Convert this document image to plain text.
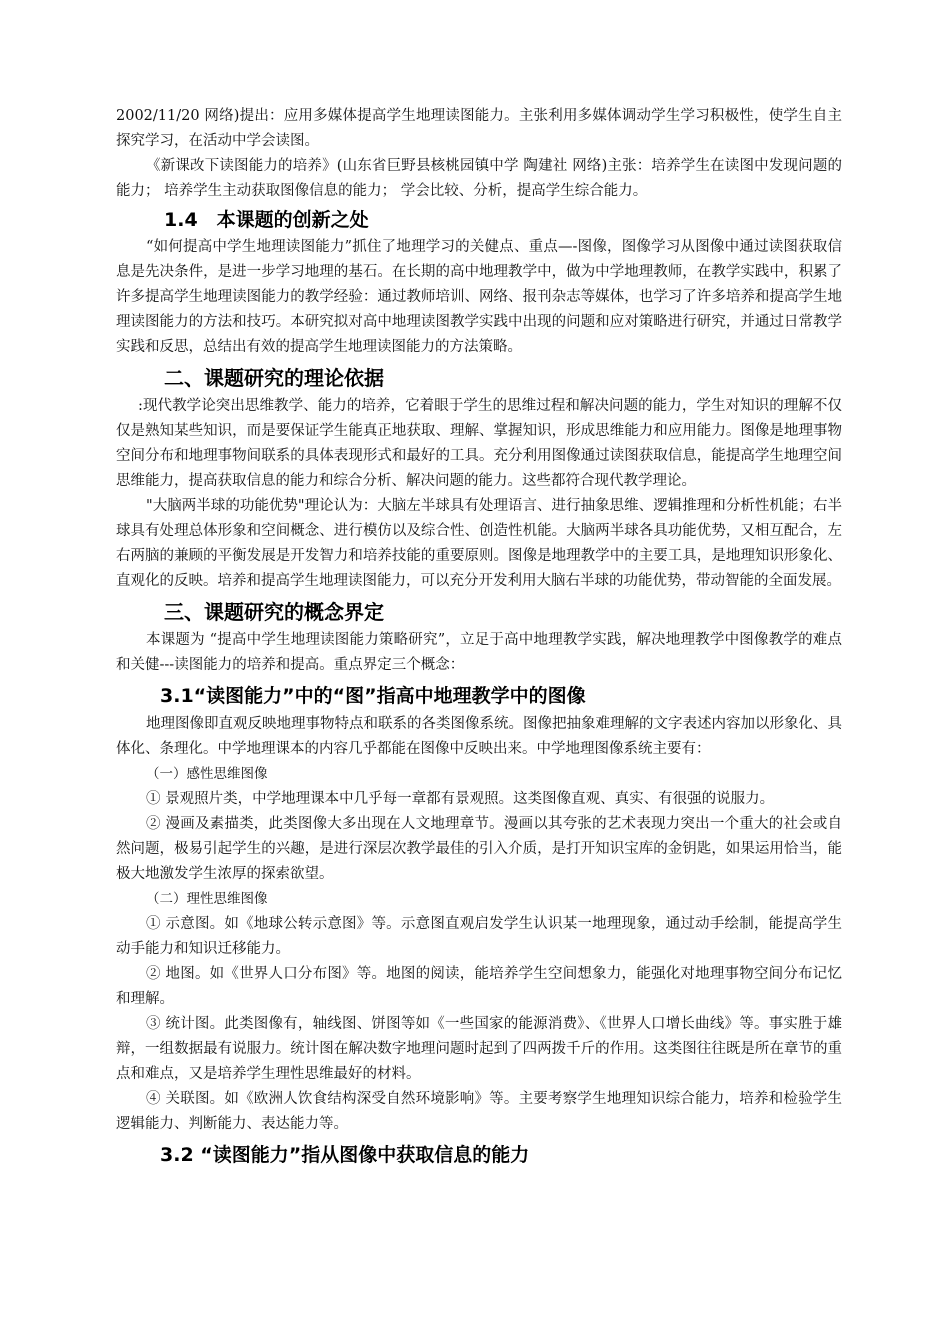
2002/11/20 网络)提出：应用多媒体提高学生地理读图能力。主张利用多媒体调动学生学习积极性，使学生自主探究学习，在活动中学会读图。

《新课改下读图能力的培养》(山东省巨野县核桃园镇中学 陶建社 网络)主张：培养学生在读图中发现问题的能力； 培养学生主动获取图像信息的能力； 学会比较、分析，提高学生综合能力。

1.4　本课题的创新之处

“如何提高中学生地理读图能力”抓住了地理学习的关健点、重点—-图像，图像学习从图像中通过读图获取信息是先决条件，是进一步学习地理的基石。在长期的高中地理教学中，做为中学地理教师，在教学实践中，积累了许多提高学生地理读图能力的教学经验：通过教师培训、网络、报刊杂志等媒体，也学习了许多培养和提高学生地理读图能力的方法和技巧。本研究拟对高中地理读图教学实践中出现的问题和应对策略进行研究，并通过日常教学实践和反思，总结出有效的提高学生地理读图能力的方法策略。

二、课题研究的理论依据

:现代教学论突出思维教学、能力的培养，它着眼于学生的思维过程和解决问题的能力，学生对知识的理解不仅仅是熟知某些知识，而是要保证学生能真正地获取、理解、掌握知识，形成思维能力和应用能力。图像是地理事物空间分布和地理事物间联系的具体表现形式和最好的工具。充分利用图像通过读图获取信息，能提高学生地理空间思维能力，提高获取信息的能力和综合分析、解决问题的能力。这些都符合现代教学理论。

"大脑两半球的功能优势"理论认为：大脑左半球具有处理语言、进行抽象思维、逻辑推理和分析性机能；右半球具有处理总体形象和空间概念、进行模仿以及综合性、创造性机能。大脑两半球各具功能优势，又相互配合，左右两脑的兼顾的平衡发展是开发智力和培养技能的重要原则。图像是地理教学中的主要工具，是地理知识形象化、直观化的反映。培养和提高学生地理读图能力，可以充分开发利用大脑右半球的功能优势，带动智能的全面发展。

三、课题研究的概念界定

本课题为 “提高中学生地理读图能力策略研究”，立足于高中地理教学实践，解决地理教学中图像教学的难点和关健---读图能力的培养和提高。重点界定三个概念：

3.1“读图能力”中的“图”指高中地理教学中的图像

地理图像即直观反映地理事物特点和联系的各类图像系统。图像把抽象难理解的文字表述内容加以形象化、具体化、条理化。中学地理课本的内容几乎都能在图像中反映出来。中学地理图像系统主要有：

（一）感性思维图像

① 景观照片类，中学地理课本中几乎每一章都有景观照。这类图像直观、真实、有很强的说服力。

② 漫画及素描类，此类图像大多出现在人文地理章节。漫画以其夸张的艺术表现力突出一个重大的社会或自然问题，极易引起学生的兴趣，是进行深层次教学最佳的引入介质，是打开知识宝库的金钥匙，如果运用恰当，能极大地激发学生浓厚的探索欲望。

（二）理性思维图像

① 示意图。如《地球公转示意图》等。示意图直观启发学生认识某一地理现象，通过动手绘制，能提高学生动手能力和知识迁移能力。

② 地图。如《世界人口分布图》等。地图的阅读，能培养学生空间想象力，能强化对地理事物空间分布记忆和理解。

③ 统计图。此类图像有，轴线图、饼图等如《一些国家的能源消费》、《世界人口增长曲线》等。事实胜于雄辩，一组数据最有说服力。统计图在解决数字地理问题时起到了四两拨千斤的作用。这类图往往既是所在章节的重点和难点，又是培养学生理性思维最好的材料。

④ 关联图。如《欧洲人饮食结构深受自然环境影响》等。主要考察学生地理知识综合能力，培养和检验学生逻辑能力、判断能力、表达能力等。

3.2 “读图能力”指从图像中获取信息的能力
